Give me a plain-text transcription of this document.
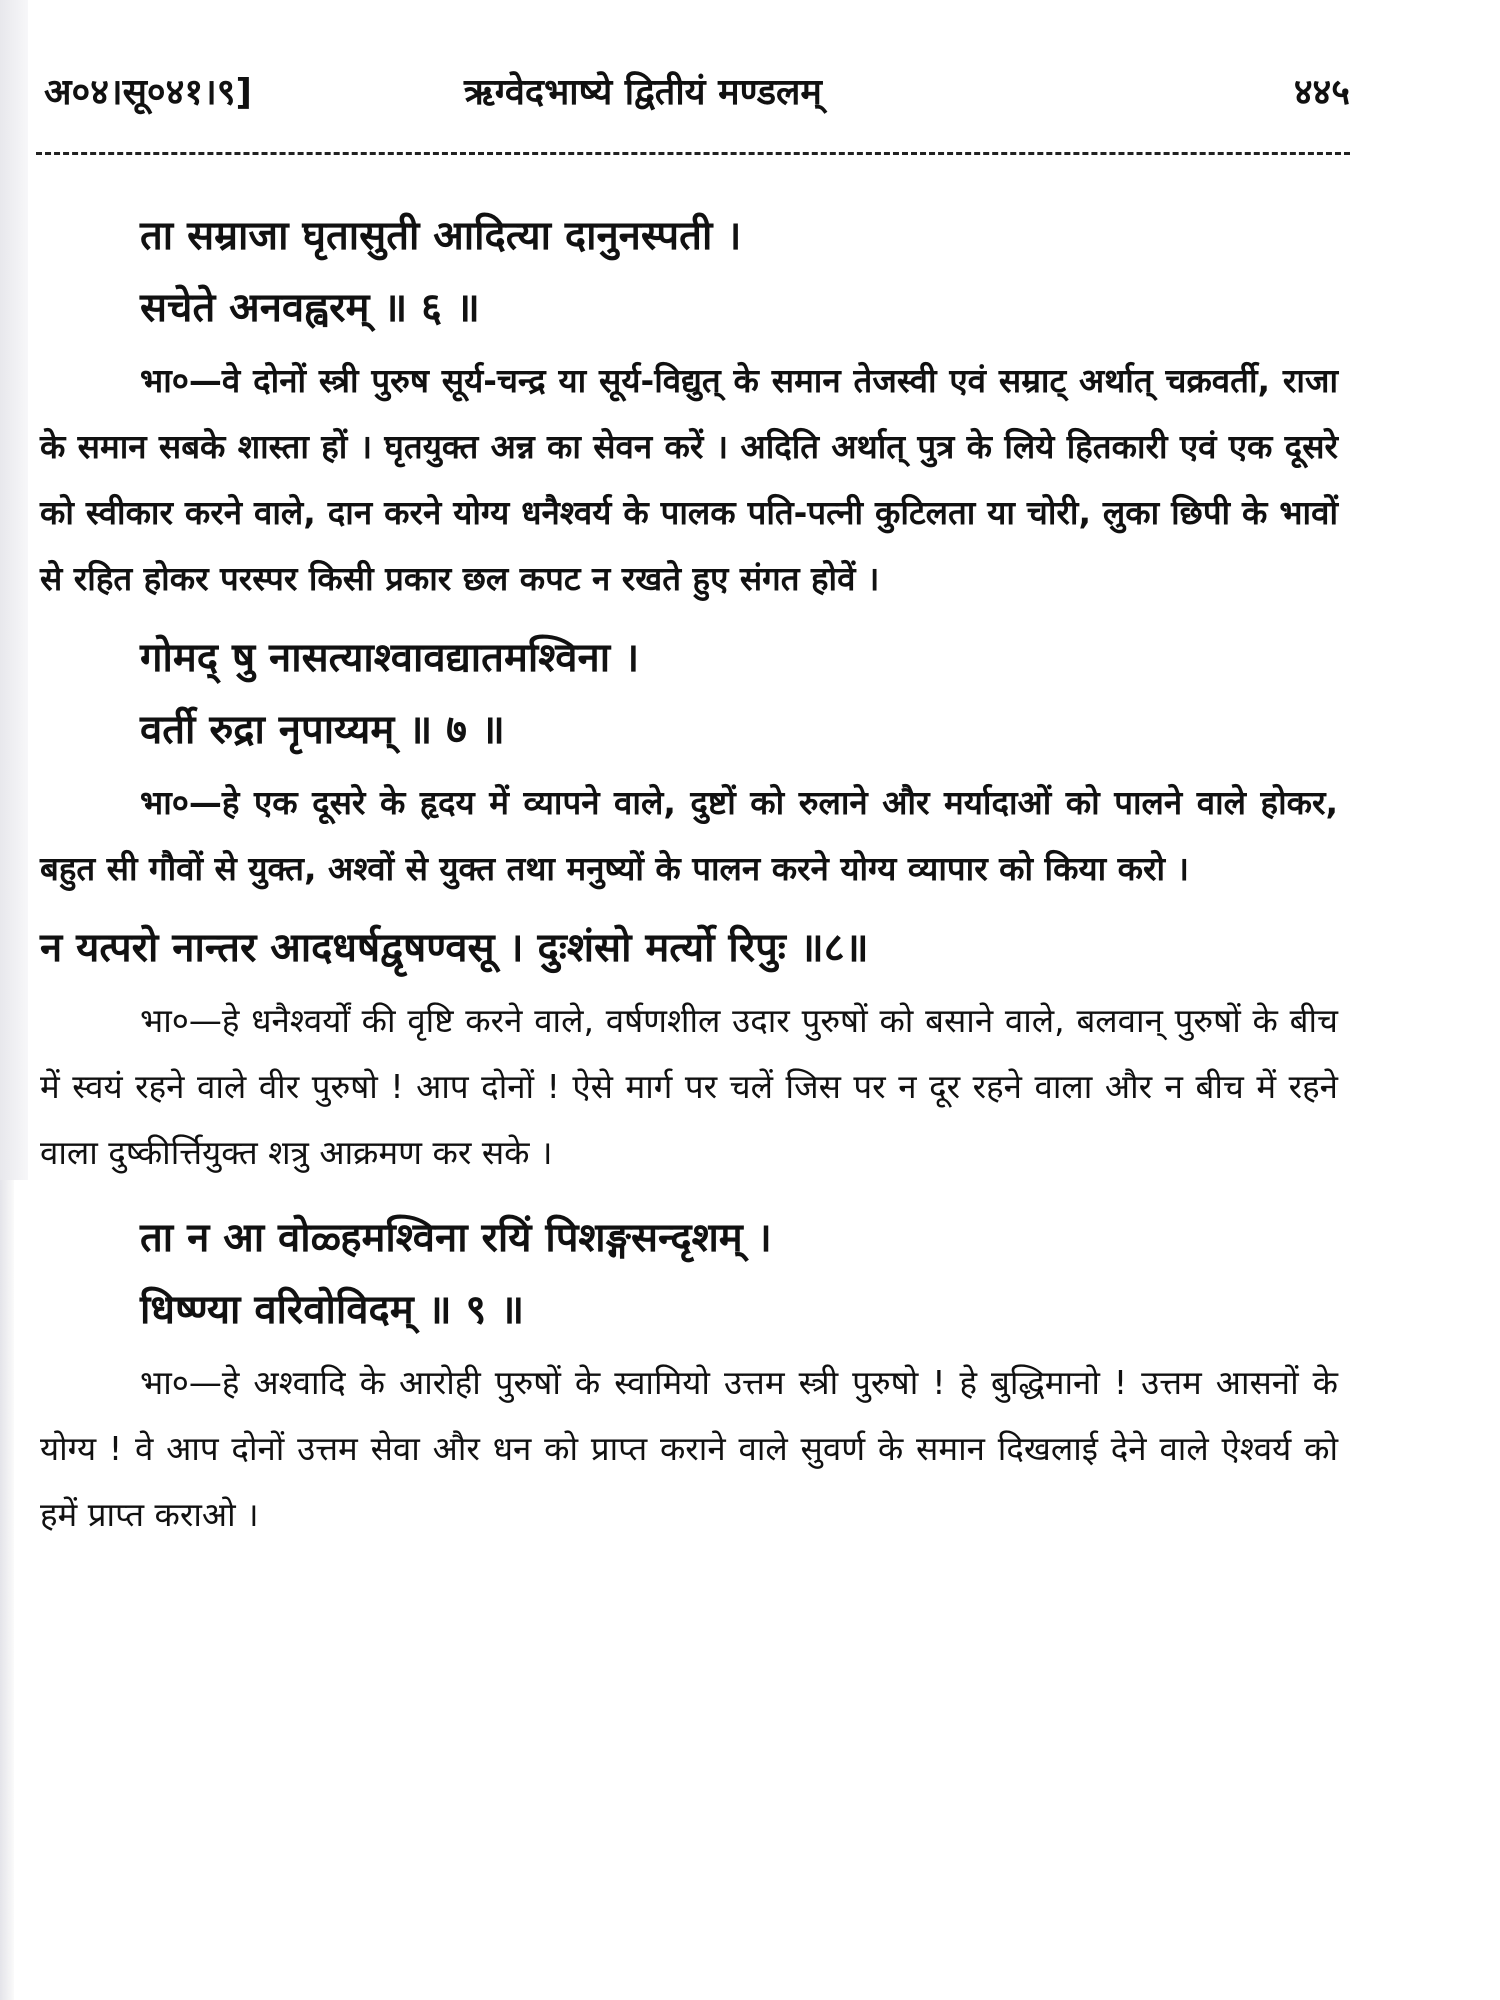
अ०४।सू०४१।९]	ऋग्वेदभाष्ये द्वितीयं मण्डलम्	४४५
ता सम्राजा घृतासुती आदित्या दानुनस्पती ।
सचेते अनवह्वरम् ॥ ६ ॥

भा०—वे दोनों स्त्री पुरुष सूर्य-चन्द्र या सूर्य-विद्युत् के समान तेजस्वी एवं सम्राट् अर्थात् चक्रवर्ती, राजा के समान सबके शास्ता हों । घृतयुक्त अन्न का सेवन करें । अदिति अर्थात् पुत्र के लिये हितकारी एवं एक दूसरे को स्वीकार करने वाले, दान करने योग्य धनैश्वर्य के पालक पति-पत्नी कुटिलता या चोरी, लुका छिपी के भावों से रहित होकर परस्पर किसी प्रकार छल कपट न रखते हुए संगत होवें ।

गोमद् षु नासत्याश्वावद्यातमश्विना ।
वर्ती रुद्रा नृपाय्यम् ॥ ७ ॥

भा०—हे एक दूसरे के हृदय में व्यापने वाले, दुष्टों को रुलाने और मर्यादाओं को पालने वाले होकर, बहुत सी गौवों से युक्त, अश्वों से युक्त तथा मनुष्यों के पालन करने योग्य व्यापार को किया करो ।

न यत्परो नान्तर आदधर्षद्वृषण्वसू । दुःशंसो मर्त्यो रिपुः ॥८॥

भा०—हे धनैश्वर्यों की वृष्टि करने वाले, वर्षणशील उदार पुरुषों को बसाने वाले, बलवान् पुरुषों के बीच में स्वयं रहने वाले वीर पुरुषो ! आप दोनों ! ऐसे मार्ग पर चलें जिस पर न दूर रहने वाला और न बीच में रहने वाला दुष्कीर्त्तियुक्त शत्रु आक्रमण कर सके ।

ता न आ वोळ्हमश्विना रयिं पिशङ्गसन्दृशम् ।
धिष्ण्या वरिवोविदम् ॥ ९ ॥

भा०—हे अश्वादि के आरोही पुरुषों के स्वामियो उत्तम स्त्री पुरुषो ! हे बुद्धिमानो ! उत्तम आसनों के योग्य ! वे आप दोनों उत्तम सेवा और धन को प्राप्त कराने वाले सुवर्ण के समान दिखलाई देने वाले ऐश्वर्य को हमें प्राप्त कराओ ।
